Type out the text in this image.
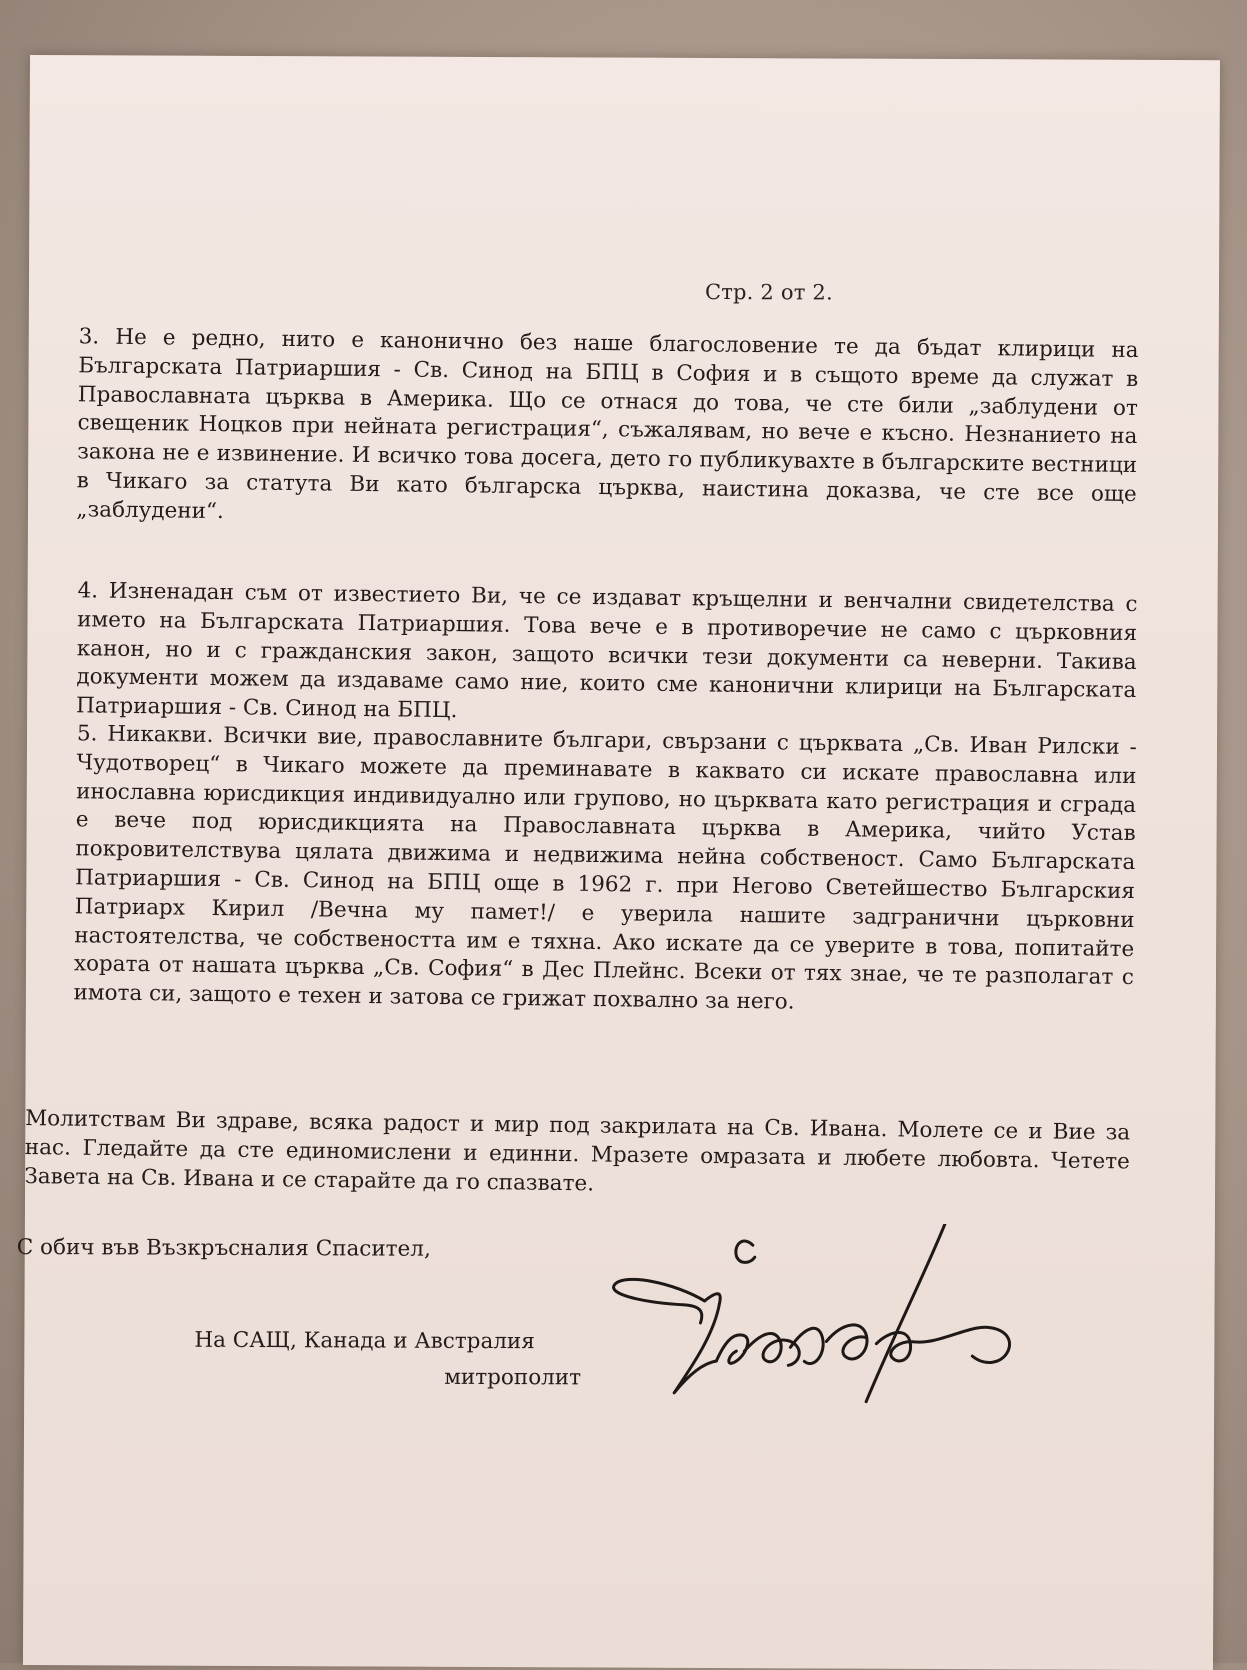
Стр. 2 от 2.

3. Не е редно, нито е канонично без наше благословение те да бъдат клирици на Българската Патриаршия - Св. Синод на БПЦ в София и в същото време да служат в Православната църква в Америка. Що се отнася до това, че сте били „заблудени от свещеник Ноцков при нейната регистрация“, съжалявам, но вече е късно. Незнанието на закона не е извинение. И всичко това досега, дето го публикувахте в българските вестници в Чикаго за статута Ви като българска църква, наистина доказва, че сте все още „заблудени“.

4. Изненадан съм от известието Ви, че се издават кръщелни и венчални свидетелства с името на Българската Патриаршия. Това вече е в противоречие не само с църковния канон, но и с гражданския закон, защото всички тези документи са неверни. Такива документи можем да издаваме само ние, които сме канонични клирици на Българската Патриаршия - Св. Синод на БПЦ.

5. Никакви. Всички вие, православните българи, свързани с църквата „Св. Иван Рилски - Чудотворец“ в Чикаго можете да преминавате в каквато си искате православна или инославна юрисдикция индивидуално или групово, но църквата като регистрация и сграда е вече под юрисдикцията на Православната църква в Америка, чийто Устав покровителствува цялата движима и недвижима нейна собственост. Само Българската Патриаршия - Св. Синод на БПЦ още в 1962 г. при Негово Светейшество Българския Патриарх Кирил /Вечна му памет!/ е уверила нашите задгранични църковни настоятелства, че собствеността им е тяхна. Ако искате да се уверите в това, попитайте хората от нашата църква „Св. София“ в Дес Плейнс. Всеки от тях знае, че те разполагат с имота си, защото е техен и затова се грижат похвално за него.

Молитствам Ви здраве, всяка радост и мир под закрилата на Св. Ивана. Молете се и Вие за нас. Гледайте да сте единомислени и единни. Мразете омразата и любете любовта. Четете Завета на Св. Ивана и се старайте да го спазвате.

С обич във Възкръсналия Спасител,

На САЩ, Канада и Австралия

митрополит
